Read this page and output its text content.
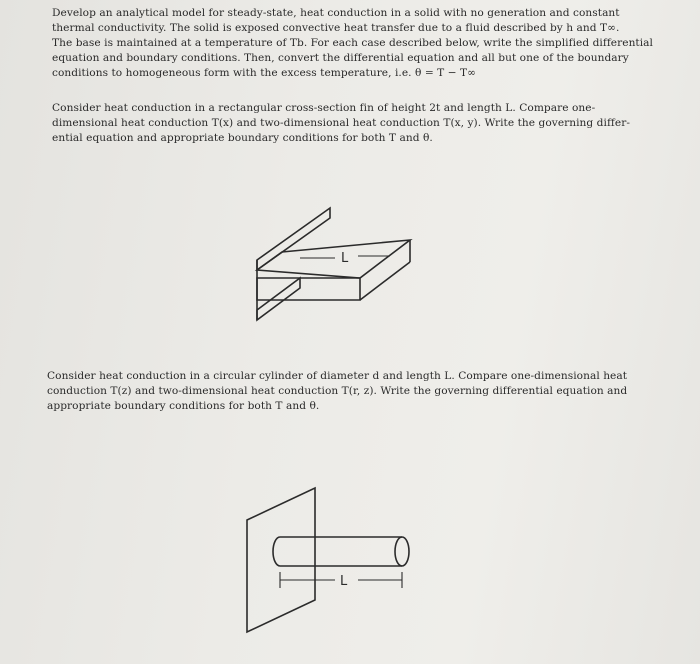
Develop an analytical model for steady-state, heat conduction in a solid with no generation and constant
thermal conductivity. The solid is exposed convective heat transfer due to a fluid described by h and T∞.
The base is maintained at a temperature of Tb. For each case described below, write the simplified differential
equation and boundary conditions. Then, convert the differential equation and all but one of the boundary
conditions to homogeneous form with the excess temperature, i.e. θ = T − T∞
Consider heat conduction in a rectangular cross-section fin of height 2t and length L. Compare one-
dimensional heat conduction T(x) and two-dimensional heat conduction T(x, y). Write the governing differ-
ential equation and appropriate boundary conditions for both T and θ.
L
Consider heat conduction in a circular cylinder of diameter d and length L. Compare one-dimensional heat
conduction T(z) and two-dimensional heat conduction T(r, z). Write the governing differential equation and
appropriate boundary conditions for both T and θ.
L
